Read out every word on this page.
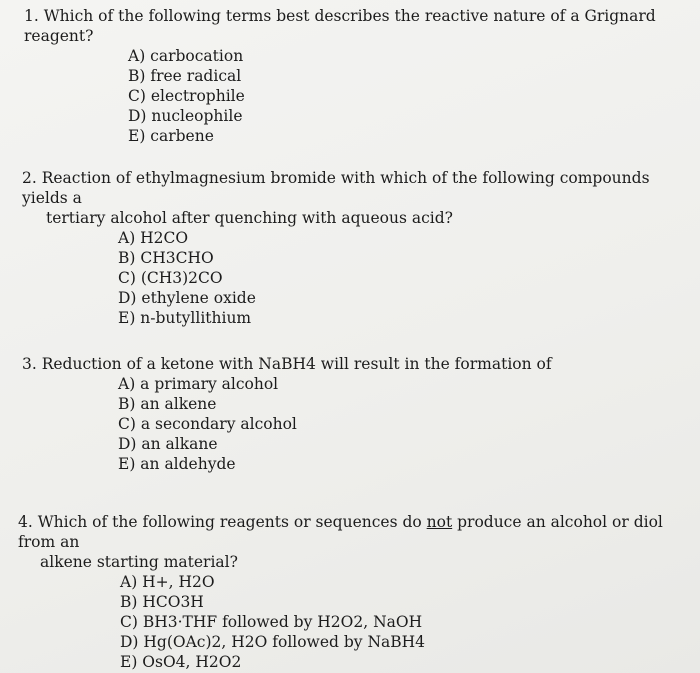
1. Which of the following terms best describes the reactive nature of a Grignard reagent?

A) carbocation
B) free radical
C) electrophile
D) nucleophile
E) carbene

2. Reaction of ethylmagnesium bromide with which of the following compounds yields a
tertiary alcohol after quenching with aqueous acid?

A) H2CO
B) CH3CHO
C) (CH3)2CO
D) ethylene oxide
E) n-butyllithium

3. Reduction of a ketone with NaBH4 will result in the formation of

A) a primary alcohol
B) an alkene
C) a secondary alcohol
D) an alkane
E) an aldehyde

4. Which of the following reagents or sequences do not produce an alcohol or diol from an
alkene starting material?

A) H+, H2O
B) HCO3H
C) BH3·THF followed by H2O2, NaOH
D) Hg(OAc)2, H2O followed by NaBH4
E) OsO4, H2O2
